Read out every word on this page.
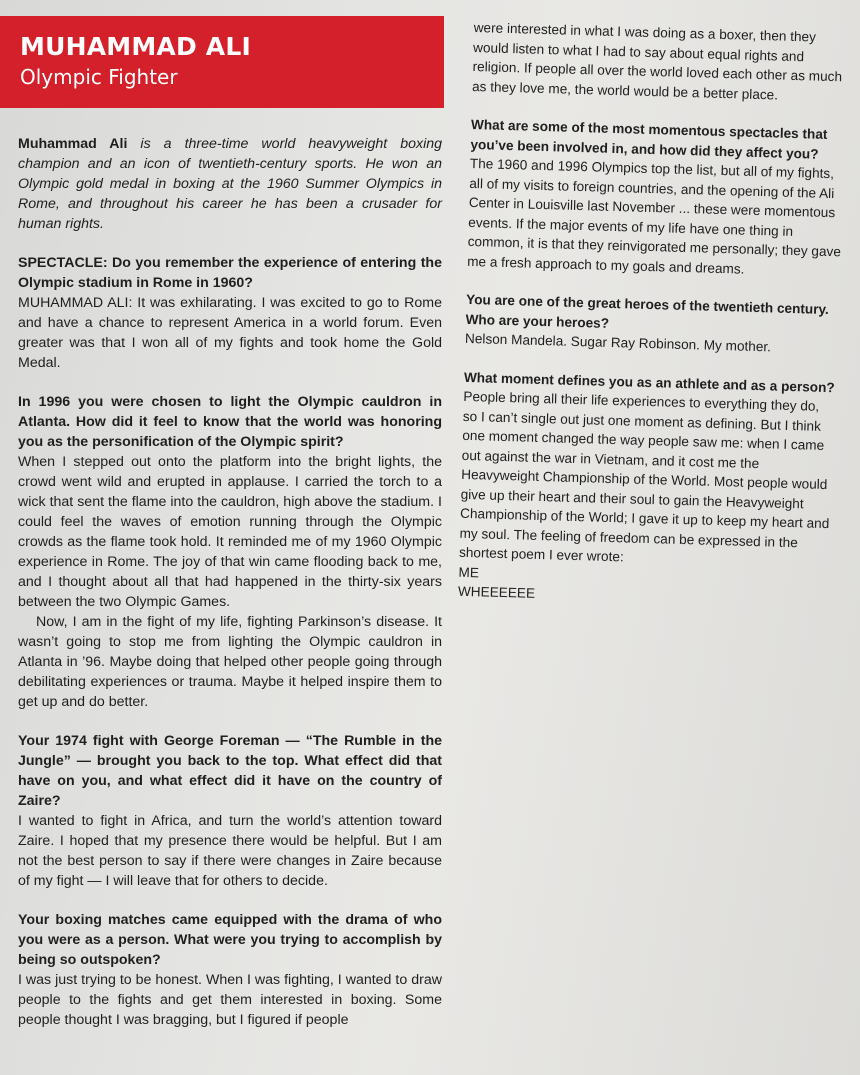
MUHAMMAD ALI
Olympic Fighter
Muhammad Ali is a three-time world heavyweight boxing champion and an icon of twentieth-century sports. He won an Olympic gold medal in boxing at the 1960 Summer Olympics in Rome, and throughout his career he has been a crusader for human rights.
SPECTACLE: Do you remember the experience of entering the Olympic stadium in Rome in 1960?

MUHAMMAD ALI: It was exhilarating. I was excited to go to Rome and have a chance to represent America in a world forum. Even greater was that I won all of my fights and took home the Gold Medal.

In 1996 you were chosen to light the Olympic cauldron in Atlanta. How did it feel to know that the world was honoring you as the personification of the Olympic spirit?

When I stepped out onto the platform into the bright lights, the crowd went wild and erupted in applause. I carried the torch to a wick that sent the flame into the cauldron, high above the stadium. I could feel the waves of emotion running through the Olympic crowds as the flame took hold. It reminded me of my 1960 Olympic experience in Rome. The joy of that win came flooding back to me, and I thought about all that had happened in the thirty-six years between the two Olympic Games.

Now, I am in the fight of my life, fighting Parkinson’s disease. It wasn’t going to stop me from lighting the Olympic cauldron in Atlanta in ’96. Maybe doing that helped other people going through debilitating experiences or trauma. Maybe it helped inspire them to get up and do better.

Your 1974 fight with George Foreman — “The Rumble in the Jungle” — brought you back to the top. What effect did that have on you, and what effect did it have on the country of Zaire?

I wanted to fight in Africa, and turn the world’s attention toward Zaire. I hoped that my presence there would be helpful. But I am not the best person to say if there were changes in Zaire because of my fight — I will leave that for others to decide.

Your boxing matches came equipped with the drama of who you were as a person. What were you trying to accomplish by being so outspoken?

I was just trying to be honest. When I was fighting, I wanted to draw people to the fights and get them interested in boxing. Some people thought I was bragging, but I figured if people

were interested in what I was doing as a boxer, then they would listen to what I had to say about equal rights and religion. If people all over the world loved each other as much as they love me, the world would be a better place.

What are some of the most momentous spectacles that you’ve been involved in, and how did they affect you?
The 1960 and 1996 Olympics top the list, but all of my fights, all of my visits to foreign countries, and the opening of the Ali Center in Louisville last November ... these were momentous events. If the major events of my life have one thing in common, it is that they reinvigorated me personally; they gave me a fresh approach to my goals and dreams.
You are one of the great heroes of the twentieth century. Who are your heroes?
Nelson Mandela. Sugar Ray Robinson. My mother.
What moment defines you as an athlete and as a person?
People bring all their life experiences to everything they do, so I can’t single out just one moment as defining. But I think one moment changed the way people saw me: when I came out against the war in Vietnam, and it cost me the Heavyweight Championship of the World. Most people would give up their heart and their soul to gain the Heavyweight Championship of the World; I gave it up to keep my heart and my soul. The feeling of freedom can be expressed in the shortest poem I ever wrote:

ME

WHEEEEEE
